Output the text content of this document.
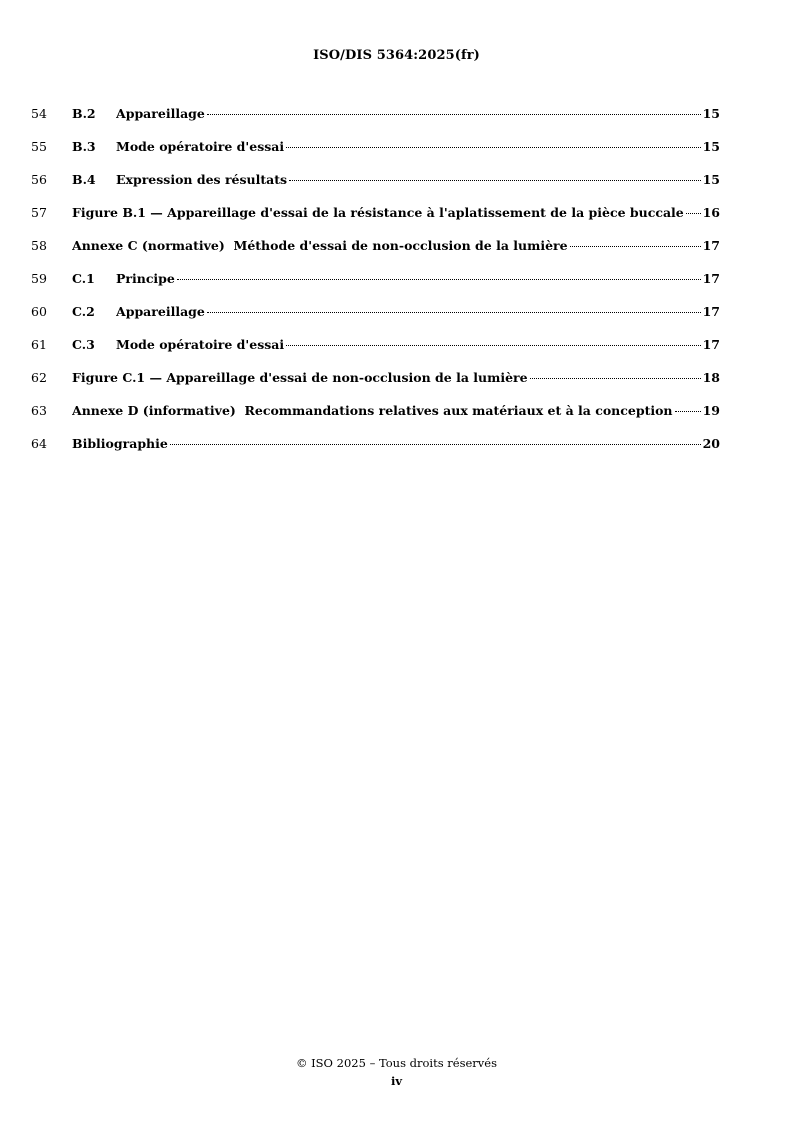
ISO/DIS 5364:2025(fr)
54	B.2	Appareillage	15
55	B.3	Mode opératoire d'essai	15
56	B.4	Expression des résultats	15
57	Figure B.1 — Appareillage d'essai de la résistance à l'aplatissement de la pièce buccale 16
58	Annexe C (normative)  Méthode d'essai de non-occlusion de la lumière	17
59	C.1	Principe	17
60	C.2	Appareillage	17
61	C.3	Mode opératoire d'essai	17
62	Figure C.1 — Appareillage d'essai de non-occlusion de la lumière	18
63	Annexe D (informative)  Recommandations relatives aux matériaux et à la conception 19
64	Bibliographie	20
© ISO 2025 – Tous droits réservés
iv
